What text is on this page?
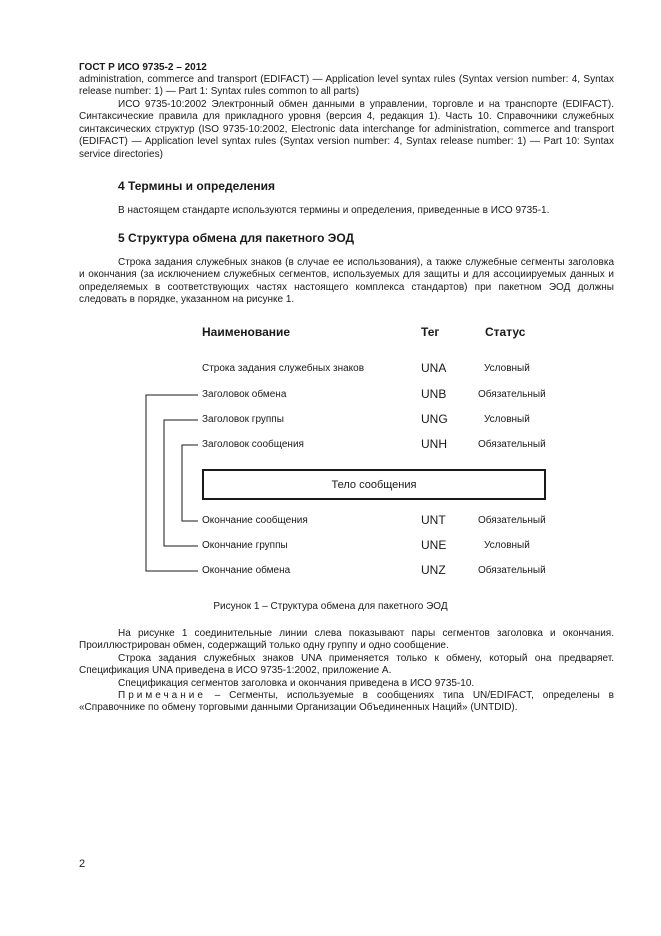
ГОСТ Р ИСО 9735-2 – 2012

administration, commerce and transport (EDIFACT) — Application level syntax rules (Syntax version number: 4, Syntax release number: 1) — Part 1: Syntax rules common to all parts)

ИСО 9735-10:2002 Электронный обмен данными в управлении, торговле и на транспорте (EDIFACT). Синтаксические правила для прикладного уровня (версия 4, редакция 1). Часть 10. Справочники служебных синтаксических структур (ISO 9735-10:2002, Electronic data interchange for administration, commerce and transport (EDIFACT) — Application level syntax rules (Syntax version number: 4, Syntax release number: 1) — Part 10: Syntax service directories)

4 Термины и определения

В настоящем стандарте используются термины и определения, приведенные в ИСО 9735-1.

5 Структура обмена для пакетного ЭОД

Строка задания служебных знаков (в случае ее использования), а также служебные сегменты заголовка и окончания (за исключением служебных сегментов, используемых для защиты и для ассоциируемых данных и определяемых в соответствующих частях настоящего комплекса стандартов) при пакетном ЭОД должны следовать в порядке, указанном на рисунке 1.

Наименование	Тег	Статус
Строка задания служебных знаков	UNA	Условный
Заголовок обмена	UNB	Обязательный
Заголовок группы	UNG	Условный
Заголовок сообщения	UNH	Обязательный
Тело сообщения
Окончание сообщения	UNT	Обязательный
Окончание группы	UNE	Условный
Окончание обмена	UNZ	Обязательный
Рисунок 1 – Структура обмена для пакетного ЭОД

На рисунке 1 соединительные линии слева показывают пары сегментов заголовка и окончания. Проиллюстрирован обмен, содержащий только одну группу и одно сообщение.

Строка задания служебных знаков UNA применяется только к обмену, который она предваряет. Спецификация UNA приведена в ИСО 9735-1:2002, приложение А.

Спецификация сегментов заголовка и окончания приведена в ИСО 9735-10.

Примечание – Сегменты, используемые в сообщениях типа UN/EDIFACT, определены в «Справочнике по обмену торговыми данными Организации Объединенных Наций» (UNTDID).

2
